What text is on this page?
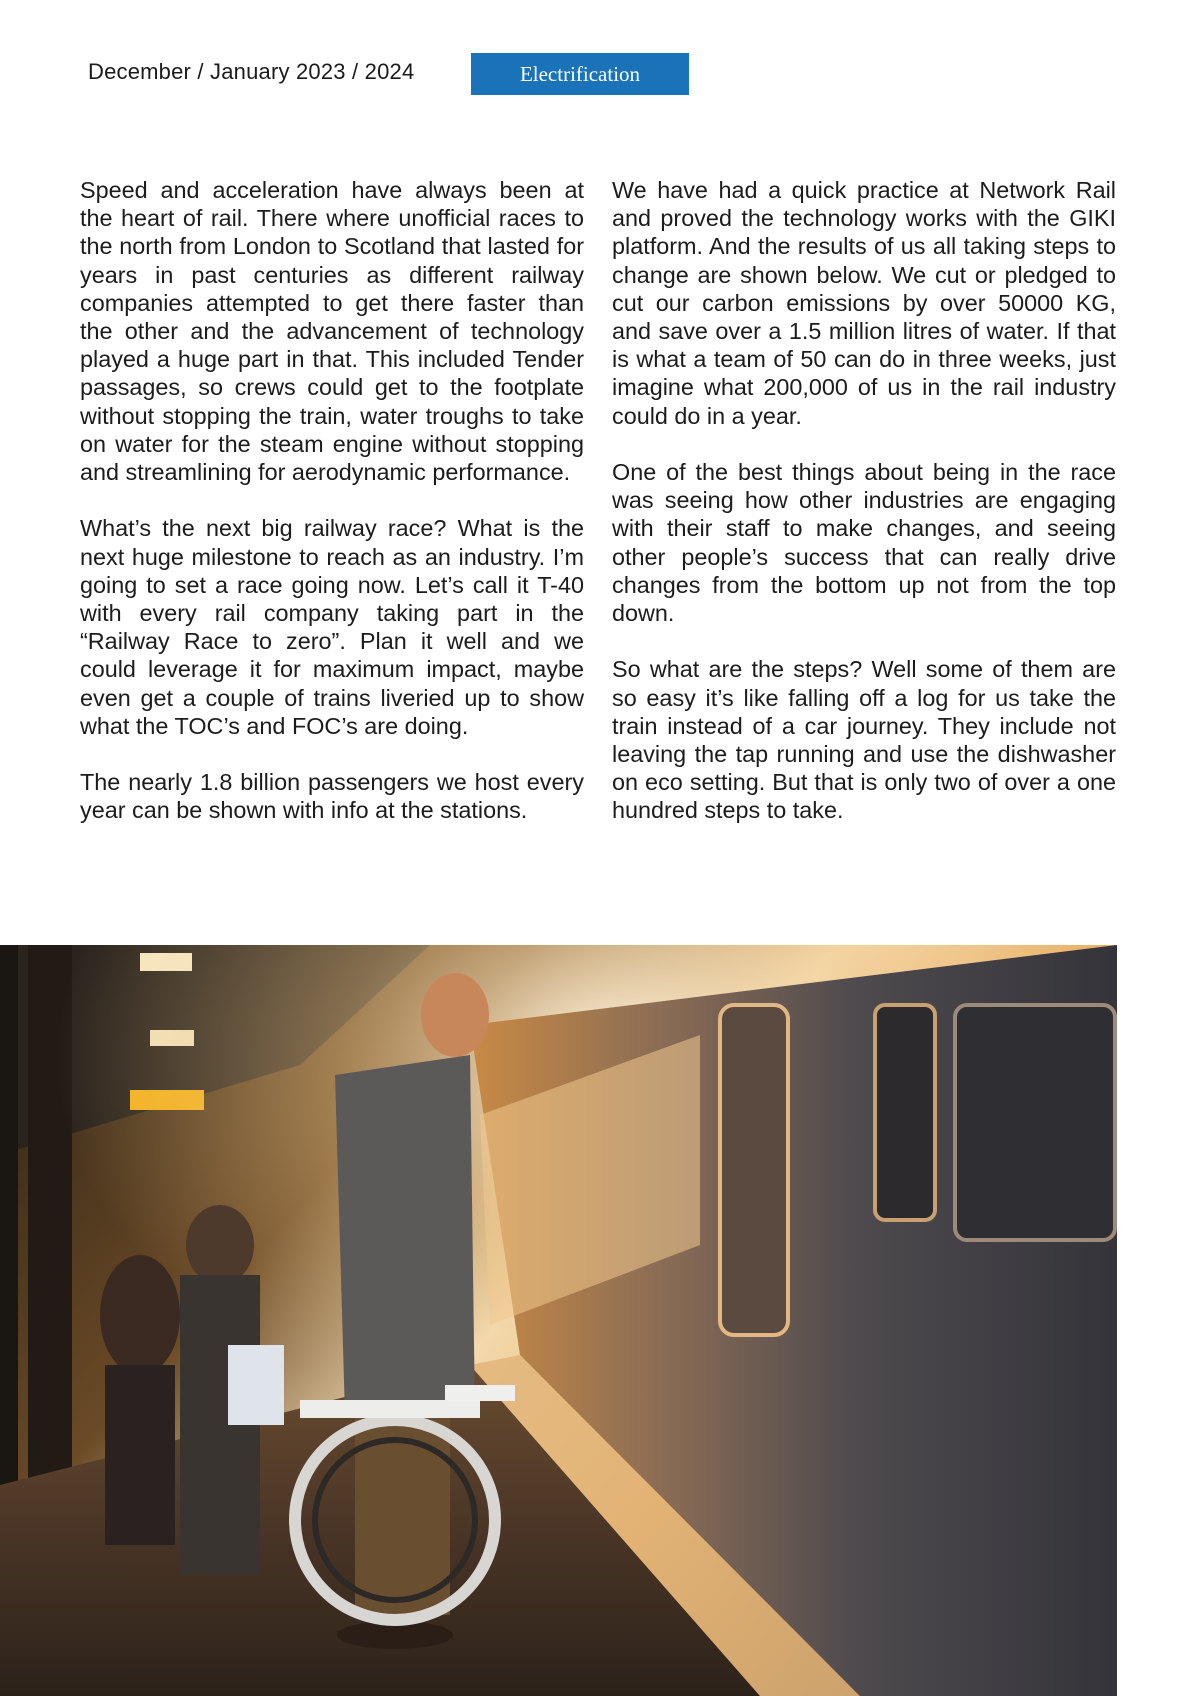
December / January 2023 / 2024	Electrification

Speed and acceleration have always been at the heart of rail. There where unofficial races to the north from London to Scotland that lasted for years in past centuries as different railway companies attempted to get there faster than the other and the advancement of technology played a huge part in that. This included Tender passages, so crews could get to the footplate without stopping the train, water troughs to take on water for the steam engine without stopping and streamlining for aerodynamic performance.

What’s the next big railway race? What is the next huge milestone to reach as an industry. I’m going to set a race going now. Let’s call it T-40 with every rail company taking part in the “Railway Race to zero”. Plan it well and we could leverage it for maximum impact, maybe even get a couple of trains liveried up to show what the TOC’s and FOC’s are doing.

The nearly 1.8 billion passengers we host every year can be shown with info at the stations.

We have had a quick practice at Network Rail and proved the technology works with the GIKI platform. And the results of us all taking steps to change are shown below. We cut or pledged to cut our carbon emissions by over 50000 KG, and save over a 1.5 million litres of water. If that is what a team of 50 can do in three weeks, just imagine what 200,000 of us in the rail industry could do in a year.

One of the best things about being in the race was seeing how other industries are engaging with their staff to make changes, and seeing other people’s success that can really drive changes from the bottom up not from the top down.

So what are the steps? Well some of them are so easy it’s like falling off a log for us take the train instead of a car journey. They include not leaving the tap running and use the dishwasher on eco setting. But that is only two of over a one hundred steps to take.
